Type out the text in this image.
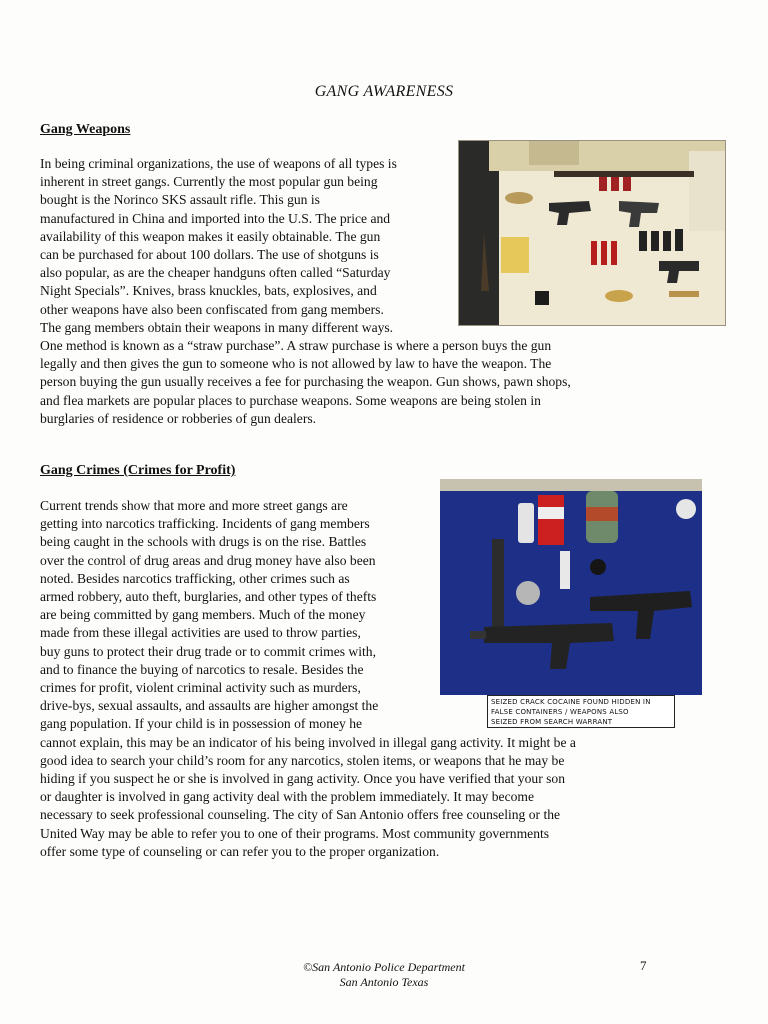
GANG AWARENESS
Gang Weapons

In being criminal organizations, the use of weapons of all types is

inherent in street gangs. Currently the most popular gun being

bought is the Norinco SKS assault rifle. This gun is

manufactured in China and imported into the U.S. The price and

availability of this weapon makes it easily obtainable. The gun

can be purchased for about 100 dollars. The use of shotguns is

also popular, as are the cheaper handguns often called “Saturday

Night Specials”. Knives, brass knuckles, bats, explosives, and

other weapons have also been confiscated from gang members.

The gang members obtain their weapons in many different ways.

One method is known as a “straw purchase”. A straw purchase is where a person buys the gun

legally and then gives the gun to someone who is not allowed by law to have the weapon. The

person buying the gun usually receives a fee for purchasing the weapon. Gun shows, pawn shops,

and flea markets are popular places to purchase weapons. Some weapons are being stolen in

burglaries of residence or robberies of gun dealers.

Gang Crimes (Crimes for Profit)

Current trends show that more and more street gangs are

getting into narcotics trafficking. Incidents of gang members

being caught in the schools with drugs is on the rise. Battles

over the control of drug areas and drug money have also been

noted. Besides narcotics trafficking, other crimes such as

armed robbery, auto theft, burglaries, and other types of thefts

are being committed by gang members. Much of the money

made from these illegal activities are used to throw parties,

buy guns to protect their drug trade or to commit crimes with,

and to finance the buying of narcotics to resale. Besides the

crimes for profit, violent criminal activity such as murders,

drive-bys, sexual assaults, and assaults are higher amongst the

gang population. If your child is in possession of money he

cannot explain, this may be an indicator of his being involved in illegal gang activity. It might be a

good idea to search your child’s room for any narcotics, stolen items, or weapons that he may be

hiding if you suspect he or she is involved in gang activity. Once you have verified that your son

or daughter is involved in gang activity deal with the problem immediately. It may become

necessary to seek professional counseling. The city of San Antonio offers free counseling or the

United Way may be able to refer you to one of their programs. Most community governments

offer some type of counseling or can refer you to the proper organization.

SEIZED CRACK COCAINE FOUND HIDDEN IN
FALSE CONTAINERS / WEAPONS ALSO
SEIZED FROM SEARCH WARRANT
©San Antonio Police Department
San Antonio Texas
7
